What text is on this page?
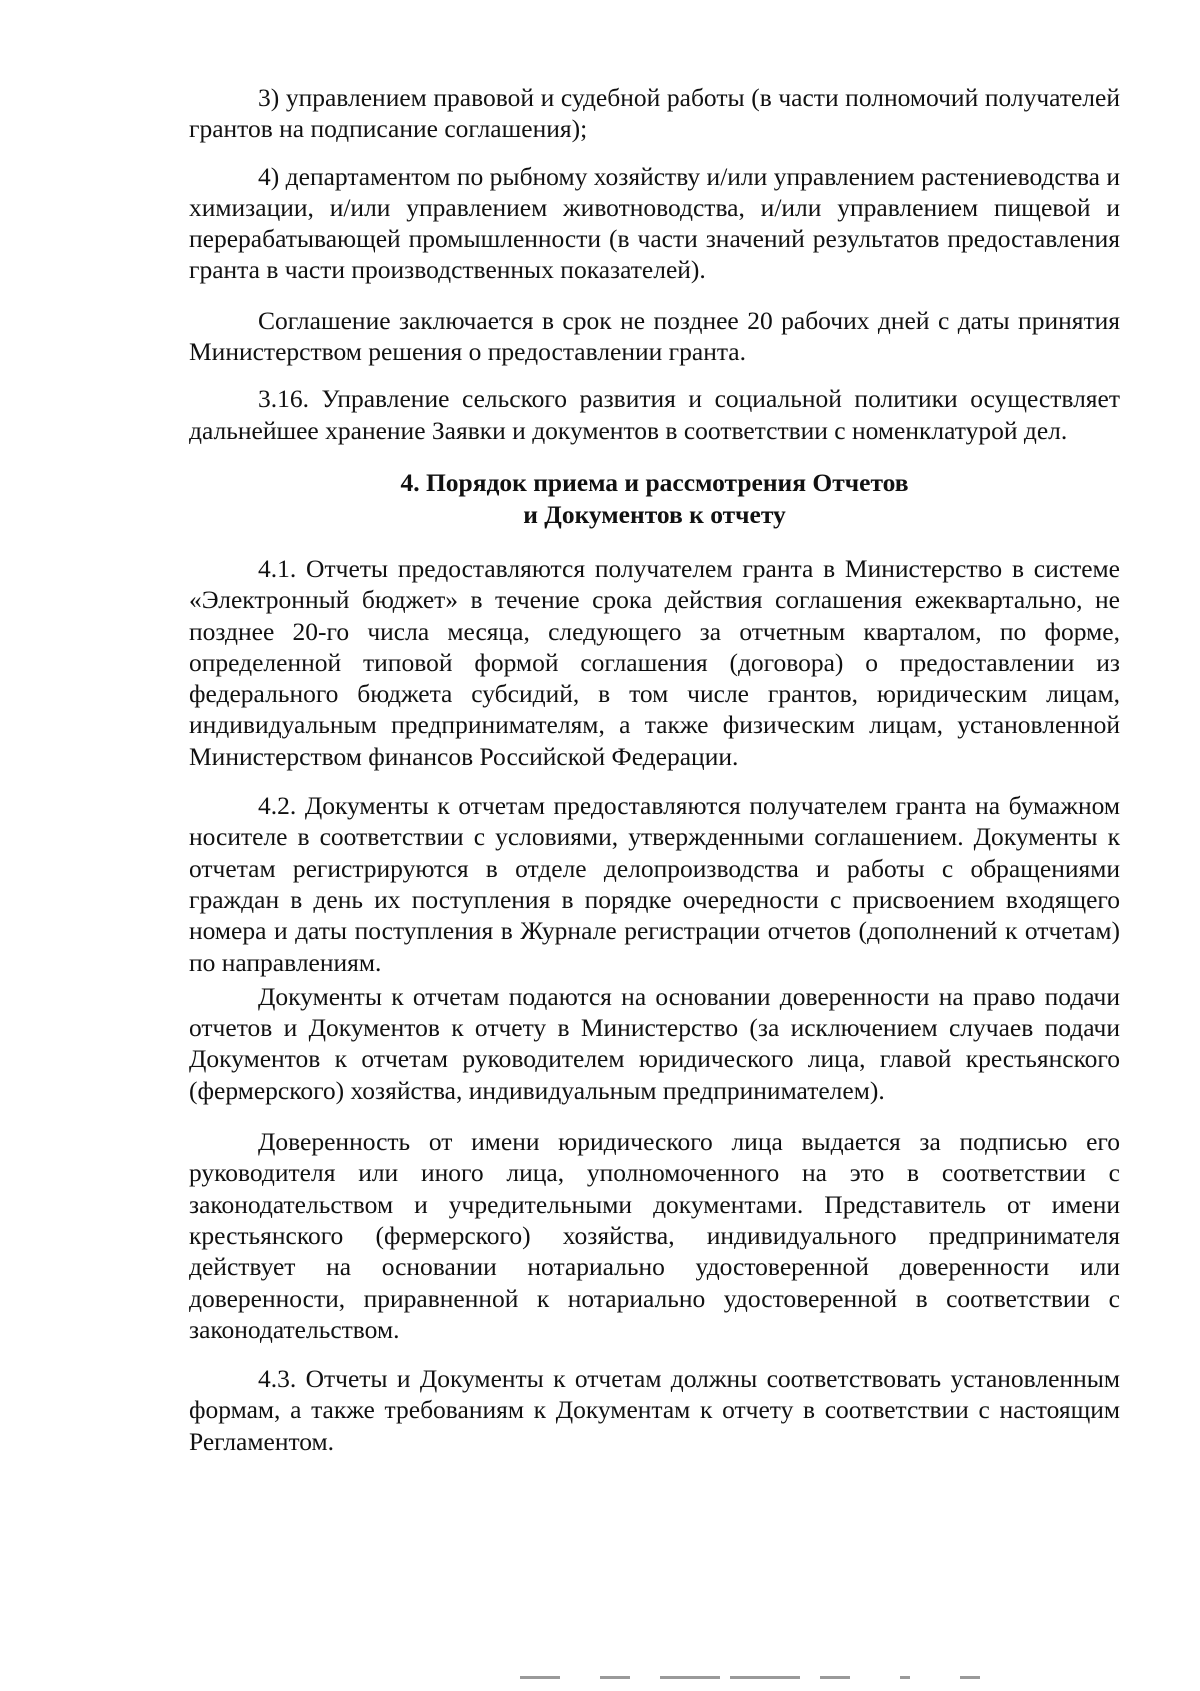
3) управлением правовой и судебной работы (в части полномочий получателей грантов на подписание соглашения);

4) департаментом по рыбному хозяйству и/или управлением растениеводства и химизации, и/или управлением животноводства, и/или управлением пищевой и перерабатывающей промышленности (в части значений результатов предоставления гранта в части производственных показателей).

Соглашение заключается в срок не позднее 20 рабочих дней с даты принятия Министерством решения о предоставлении гранта.

3.16. Управление сельского развития и социальной политики осуществляет дальнейшее хранение Заявки и документов в соответствии с номенклатурой дел.

4. Порядок приема и рассмотрения Отчетов
и Документов к отчету

4.1. Отчеты предоставляются получателем гранта в Министерство в системе «Электронный бюджет» в течение срока действия соглашения ежеквартально, не позднее 20-го числа месяца, следующего за отчетным кварталом, по форме, определенной типовой формой соглашения (договора) о предоставлении из федерального бюджета субсидий, в том числе грантов, юридическим лицам, индивидуальным предпринимателям, а также физическим лицам, установленной Министерством финансов Российской Федерации.

4.2. Документы к отчетам предоставляются получателем гранта на бумажном носителе в соответствии с условиями, утвержденными соглашением. Документы к отчетам регистрируются в отделе делопроизводства и работы с обращениями граждан в день их поступления в порядке очередности с присвоением входящего номера и даты поступления в Журнале регистрации отчетов (дополнений к отчетам) по направлениям.

Документы к отчетам подаются на основании доверенности на право подачи отчетов и Документов к отчету в Министерство (за исключением случаев подачи Документов к отчетам руководителем юридического лица, главой крестьянского (фермерского) хозяйства, индивидуальным предпринимателем).

Доверенность от имени юридического лица выдается за подписью его руководителя или иного лица, уполномоченного на это в соответствии с законодательством и учредительными документами. Представитель от имени крестьянского (фермерского) хозяйства, индивидуального предпринимателя действует на основании нотариально удостоверенной доверенности или доверенности, приравненной к нотариально удостоверенной в соответствии с законодательством.

4.3. Отчеты и Документы к отчетам должны соответствовать установленным формам, а также требованиям к Документам к отчету в соответствии с настоящим Регламентом.
